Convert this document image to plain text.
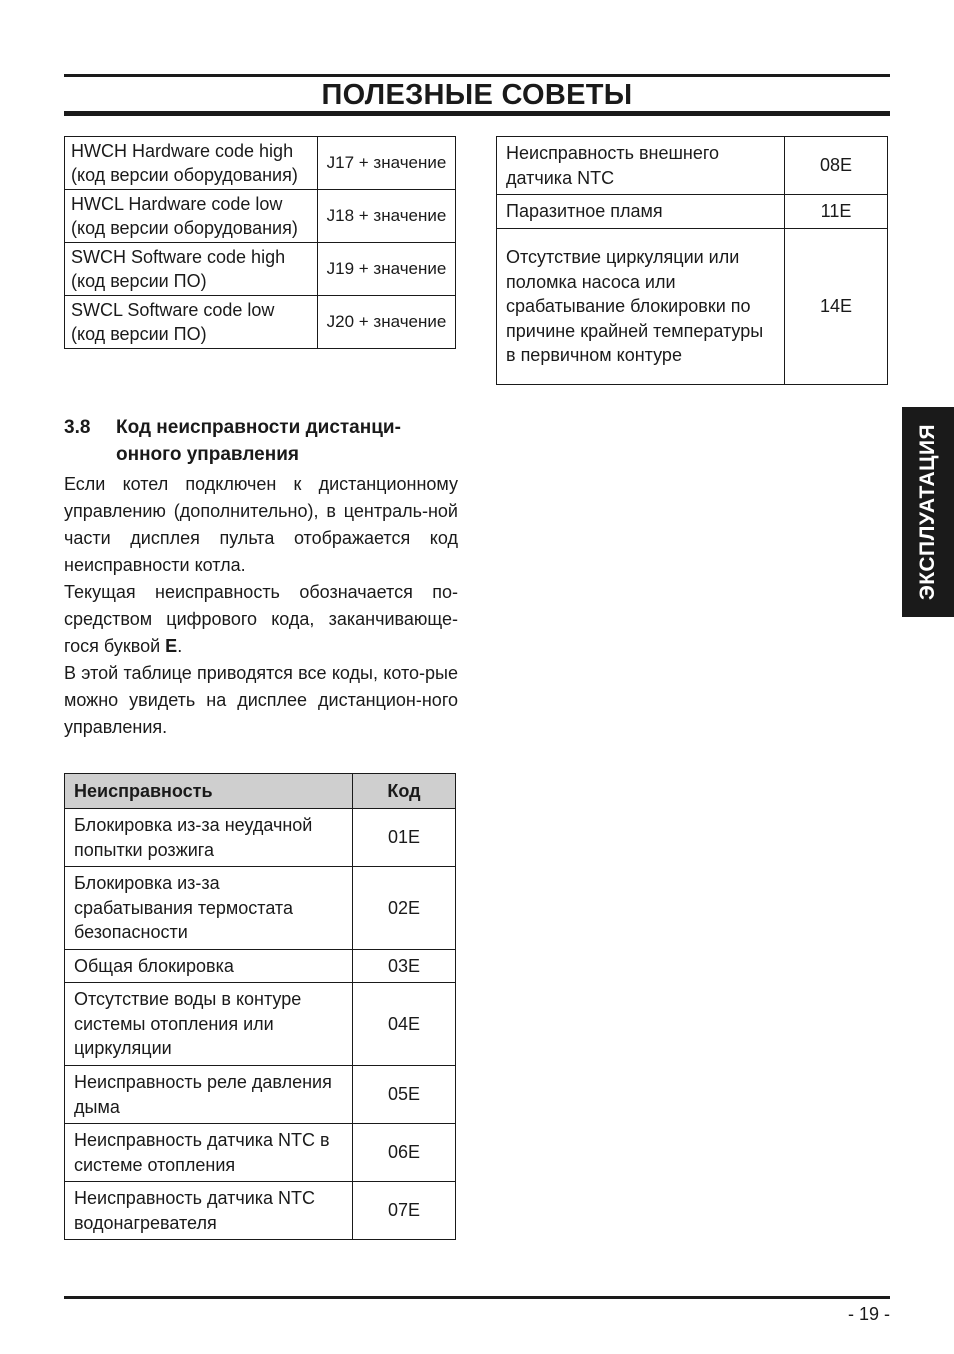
ПОЛЕЗНЫЕ СОВЕТЫ
HWCH Hardware code high (код версии оборудования)	J17 + значение
HWCL Hardware code low (код версии оборудования)	J18 + значение
SWCH Software code high (код версии ПО)	J19 + значение
SWCL Software code low (код версии ПО)	J20 + значение
Неисправность внешнего датчика NTC	08E
Паразитное пламя	11E
Отсутствие циркуляции или поломка насоса или срабатывание блокировки по причине крайней температуры в первичном контуре	14E
3.8 Код неисправности дистанци-онного управления

Если котел подключен к дистанционному управлению (дополнительно), в централь-ной части дисплея пульта отображается код неисправности котла.

Текущая неисправность обозначается по-средством цифрового кода, заканчивающе-гося буквой E.

В этой таблице приводятся все коды, кото-рые можно увидеть на дисплее дистанцион-ного управления.

Неисправность	Код
Блокировка из-за неудачной попытки розжига	01E
Блокировка из-за срабатывания термостата безопасности	02E
Общая блокировка	03E
Отсутствие воды в контуре системы отопления или циркуляции	04E
Неисправность реле давления дыма	05E
Неисправность датчика NTC в системе отопления	06E
Неисправность датчика NTC водонагревателя	07E
ЭКСПЛУАТАЦИЯ
- 19 -
